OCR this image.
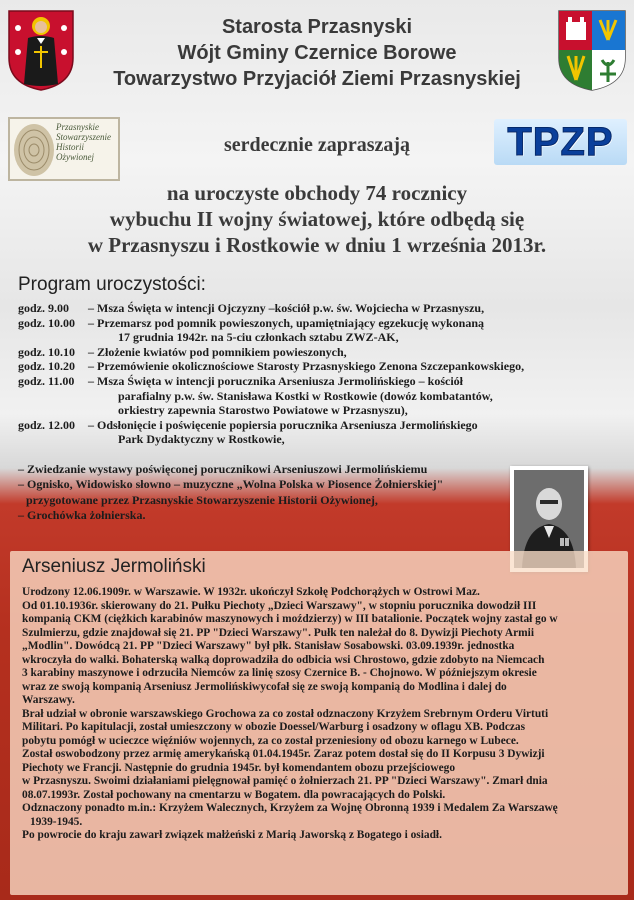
Starosta Przasnyski
Wójt Gminy Czernice Borowe
Towarzystwo Przyjaciół Ziemi Przasnyskiej
Przasnyskie
Stowarzyszenie
Historii
Ożywionej	TPZP
serdecznie zapraszają
na uroczyste obchody 74 rocznicy
wybuchu II wojny światowej, które odbędą się
w Przasnyszu i Rostkowie w dniu 1 września 2013r.
Program uroczystości:
godz. 9.00	– Msza Święta w intencji Ojczyzny –kościół p.w. św. Wojciecha w Przasnyszu,
godz. 10.00	– Przemarsz pod pomnik powieszonych, upamiętniający egzekucję wykonaną
17 grudnia 1942r. na 5-ciu członkach sztabu ZWZ-AK,
godz. 10.10	– Złożenie kwiatów pod pomnikiem powieszonych,
godz. 10.20	– Przemówienie okolicznościowe Starosty Przasnyskiego Zenona Szczepankowskiego,
godz. 11.00	– Msza Święta w intencji porucznika Arseniusza Jermolińskiego – kościół
parafialny p.w. św. Stanisława Kostki w Rostkowie (dowóz kombatantów,
orkiestry zapewnia Starostwo Powiatowe w Przasnyszu),
godz. 12.00	– Odsłonięcie i poświęcenie popiersia porucznika Arseniusza Jermolińskiego
Park Dydaktyczny w Rostkowie,
– Zwiedzanie wystawy poświęconej porucznikowi Arseniuszowi Jermolińskiemu
– Ognisko, Widowisko słowno – muzyczne „Wolna Polska w Piosence Żołnierskiej"
przygotowane przez Przasnyskie Stowarzyszenie Historii Ożywionej,
– Grochówka żołnierska.
Arseniusz Jermoliński
Urodzony 12.06.1909r. w Warszawie. W 1932r. ukończył Szkołę Podchorążych w Ostrowi Maz.
Od 01.10.1936r. skierowany do 21. Pułku Piechoty „Dzieci Warszawy", w stopniu porucznika dowodził III
kompanią CKM (ciężkich karabinów maszynowych i moździerzy) w III batalionie. Początek wojny zastał go w
Szulmierzu, gdzie znajdował się 21. PP "Dzieci Warszawy". Pułk ten należał do 8. Dywizji Piechoty Armii
„Modlin". Dowódcą 21. PP "Dzieci Warszawy" był płk. Stanisław Sosabowski. 03.09.1939r. jednostka
wkroczyła do walki. Bohaterską walką doprowadziła do odbicia wsi Chrostowo, gdzie zdobyto na Niemcach
3 karabiny maszynowe i odrzuciła Niemców za linię szosy Czernice B. - Chojnowo. W późniejszym okresie
wraz ze swoją kompanią Arseniusz Jermolińskiwycofał się ze swoją kompanią do Modlina i dalej do
Warszawy.
Brał udział w obronie warszawskiego Grochowa za co został odznaczony Krzyżem Srebrnym Orderu Virtuti
Militari. Po kapitulacji, został umieszczony w obozie Doessel/Warburg i osadzony w oflagu XB. Podczas
pobytu pomógł w ucieczce więźniów wojennych, za co został przeniesiony od obozu karnego w Lubece.
Został oswobodzony przez armię amerykańską 01.04.1945r. Zaraz potem dostał się do II Korpusu 3 Dywizji
Piechoty we Francji. Następnie do grudnia 1945r. był komendantem obozu przejściowego
w Przasnyszu. Swoimi działaniami pielęgnował pamięć o żołnierzach 21. PP "Dzieci Warszawy". Zmarł dnia
08.07.1993r. Został pochowany na cmentarzu w Bogatem. dla powracających do Polski.
Odznaczony ponadto m.in.: Krzyżem Walecznych, Krzyżem za Wojnę Obronną 1939 i Medalem Za Warszawę
1939-1945.
Po powrocie do kraju zawarł związek małżeński z Marią Jaworską z Bogatego i osiadł.
